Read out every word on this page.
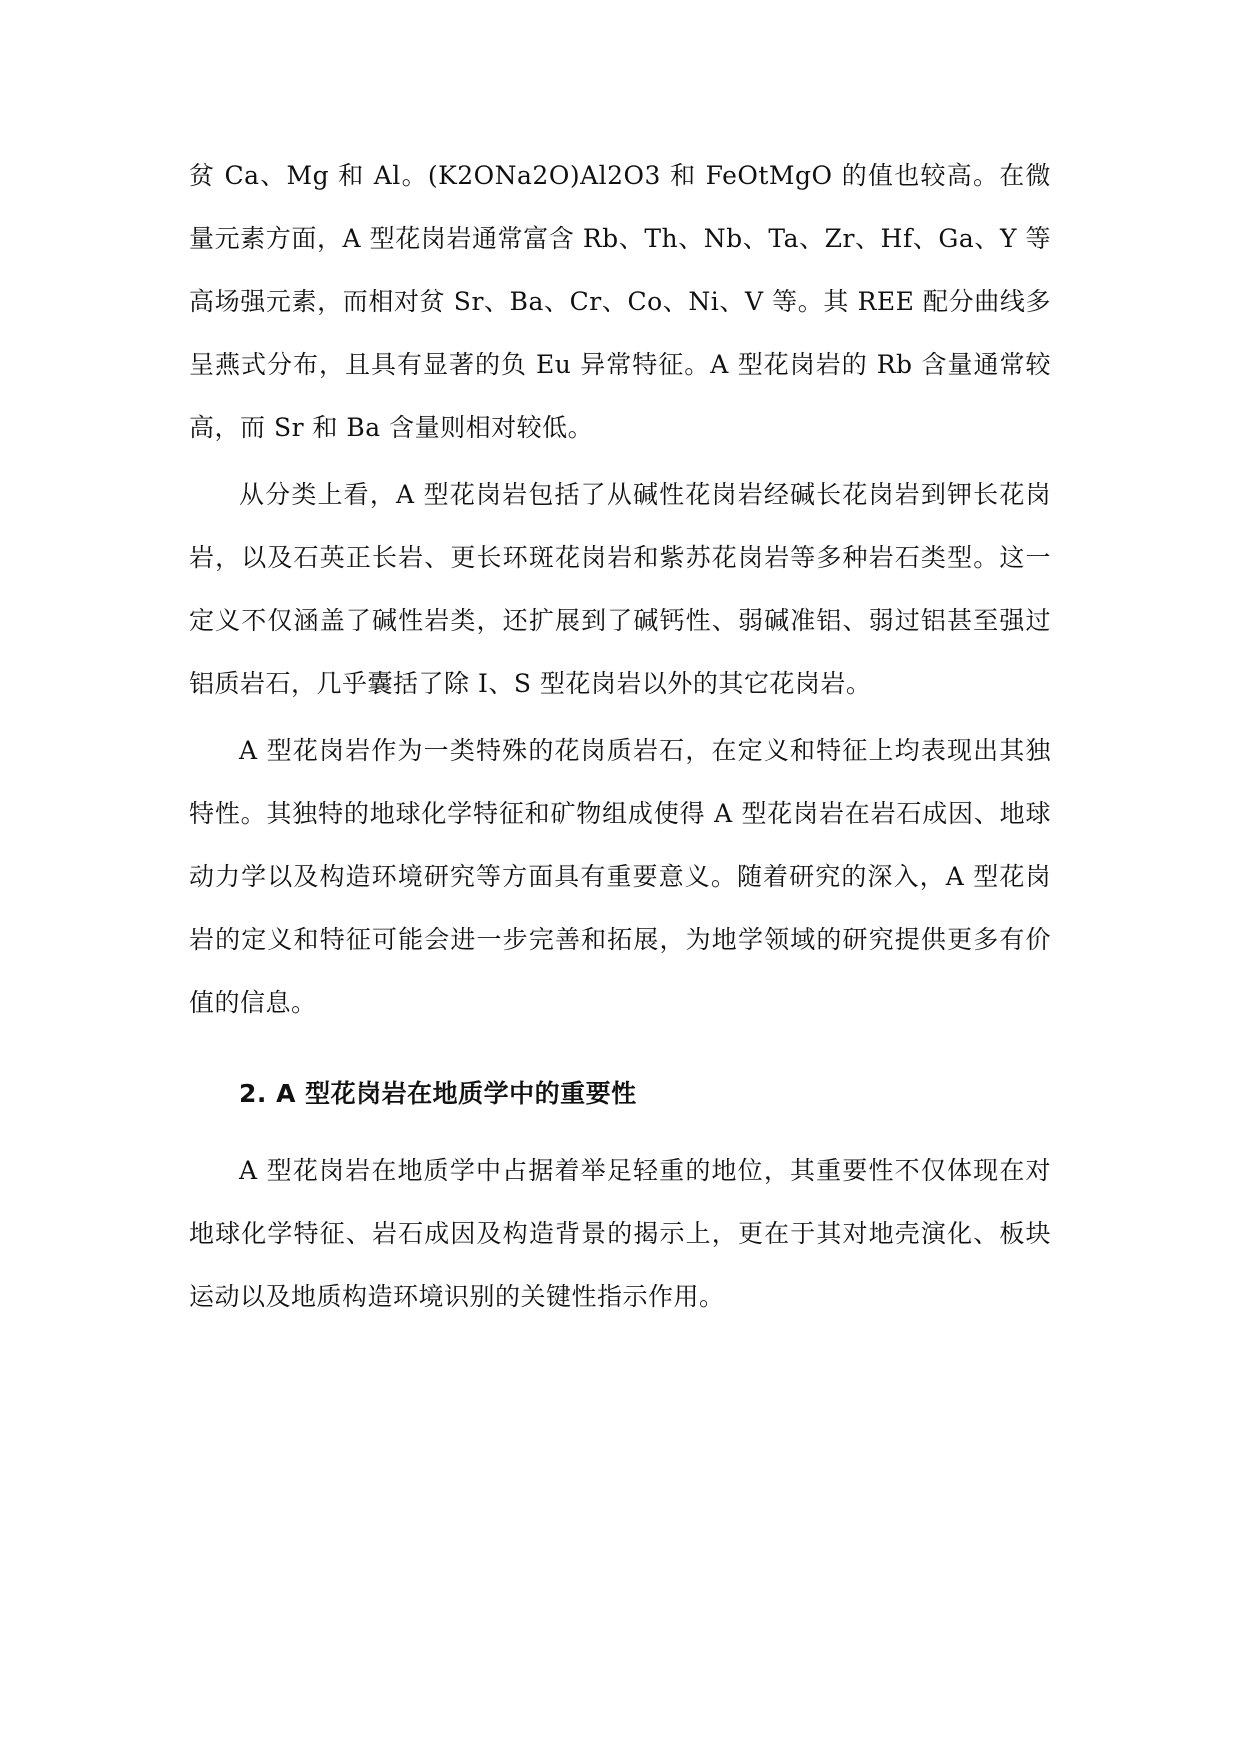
贫 Ca、Mg 和 Al。(K2ONa2O)Al2O3 和 FeOtMgO 的值也较高。在微量元素方面，A 型花岗岩通常富含 Rb、Th、Nb、Ta、Zr、Hf、Ga、Y 等高场强元素，而相对贫 Sr、Ba、Cr、Co、Ni、V 等。其 REE 配分曲线多呈燕式分布，且具有显著的负 Eu 异常特征。A 型花岗岩的 Rb 含量通常较高，而 Sr 和 Ba 含量则相对较低。

从分类上看，A 型花岗岩包括了从碱性花岗岩经碱长花岗岩到钾长花岗岩，以及石英正长岩、更长环斑花岗岩和紫苏花岗岩等多种岩石类型。这一定义不仅涵盖了碱性岩类，还扩展到了碱钙性、弱碱准铝、弱过铝甚至强过铝质岩石，几乎囊括了除 I、S 型花岗岩以外的其它花岗岩。

A 型花岗岩作为一类特殊的花岗质岩石，在定义和特征上均表现出其独特性。其独特的地球化学特征和矿物组成使得 A 型花岗岩在岩石成因、地球动力学以及构造环境研究等方面具有重要意义。随着研究的深入，A 型花岗岩的定义和特征可能会进一步完善和拓展，为地学领域的研究提供更多有价值的信息。

2. A 型花岗岩在地质学中的重要性

A 型花岗岩在地质学中占据着举足轻重的地位，其重要性不仅体现在对地球化学特征、岩石成因及构造背景的揭示上，更在于其对地壳演化、板块运动以及地质构造环境识别的关键性指示作用。
